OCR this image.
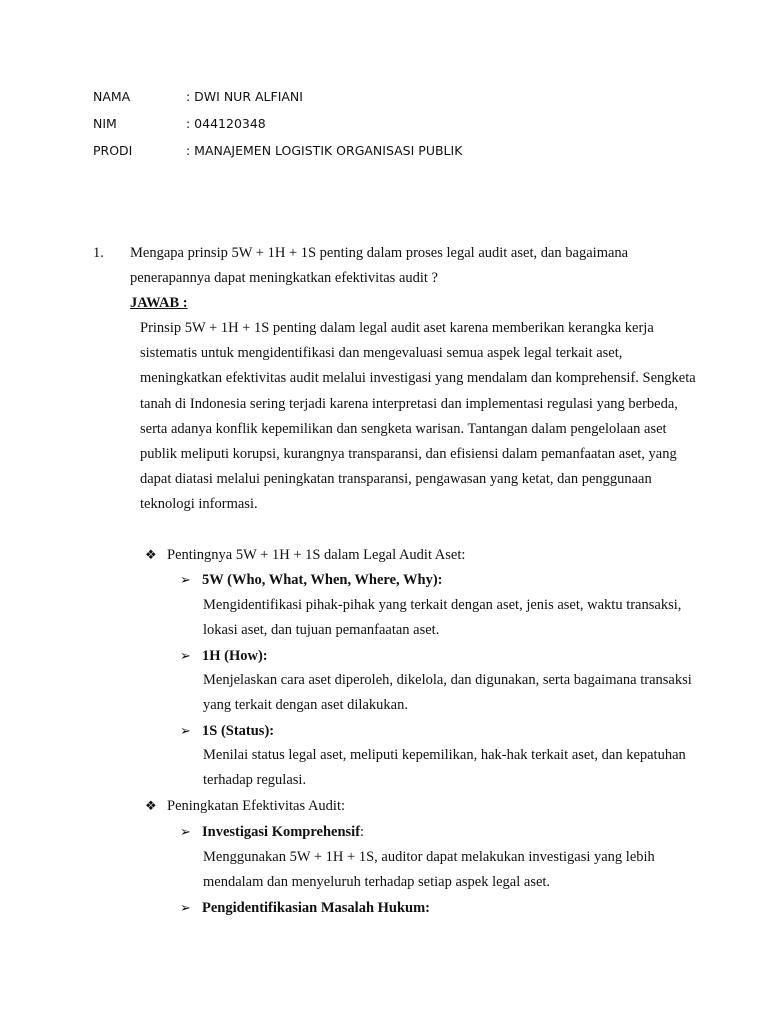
NAMA	: DWI NUR ALFIANI
NIM	: 044120348
PRODI	: MANAJEMEN LOGISTIK ORGANISASI PUBLIK
1. Mengapa prinsip 5W + 1H + 1S penting dalam proses legal audit aset, dan bagaimana penerapannya dapat meningkatkan efektivitas audit ?
JAWAB :
Prinsip 5W + 1H + 1S penting dalam legal audit aset karena memberikan kerangka kerja sistematis untuk mengidentifikasi dan mengevaluasi semua aspek legal terkait aset, meningkatkan efektivitas audit melalui investigasi yang mendalam dan komprehensif. Sengketa tanah di Indonesia sering terjadi karena interpretasi dan implementasi regulasi yang berbeda, serta adanya konflik kepemilikan dan sengketa warisan. Tantangan dalam pengelolaan aset publik meliputi korupsi, kurangnya transparansi, dan efisiensi dalam pemanfaatan aset, yang dapat diatasi melalui peningkatan transparansi, pengawasan yang ketat, dan penggunaan teknologi informasi.
❖ Pentingnya 5W + 1H + 1S dalam Legal Audit Aset:
➢ 5W (Who, What, When, Where, Why):
Mengidentifikasi pihak-pihak yang terkait dengan aset, jenis aset, waktu transaksi, lokasi aset, dan tujuan pemanfaatan aset.
➢ 1H (How):
Menjelaskan cara aset diperoleh, dikelola, dan digunakan, serta bagaimana transaksi yang terkait dengan aset dilakukan.
➢ 1S (Status):
Menilai status legal aset, meliputi kepemilikan, hak-hak terkait aset, dan kepatuhan terhadap regulasi.
❖ Peningkatan Efektivitas Audit:
➢ Investigasi Komprehensif:
Menggunakan 5W + 1H + 1S, auditor dapat melakukan investigasi yang lebih mendalam dan menyeluruh terhadap setiap aspek legal aset.
➢ Pengidentifikasian Masalah Hukum:
